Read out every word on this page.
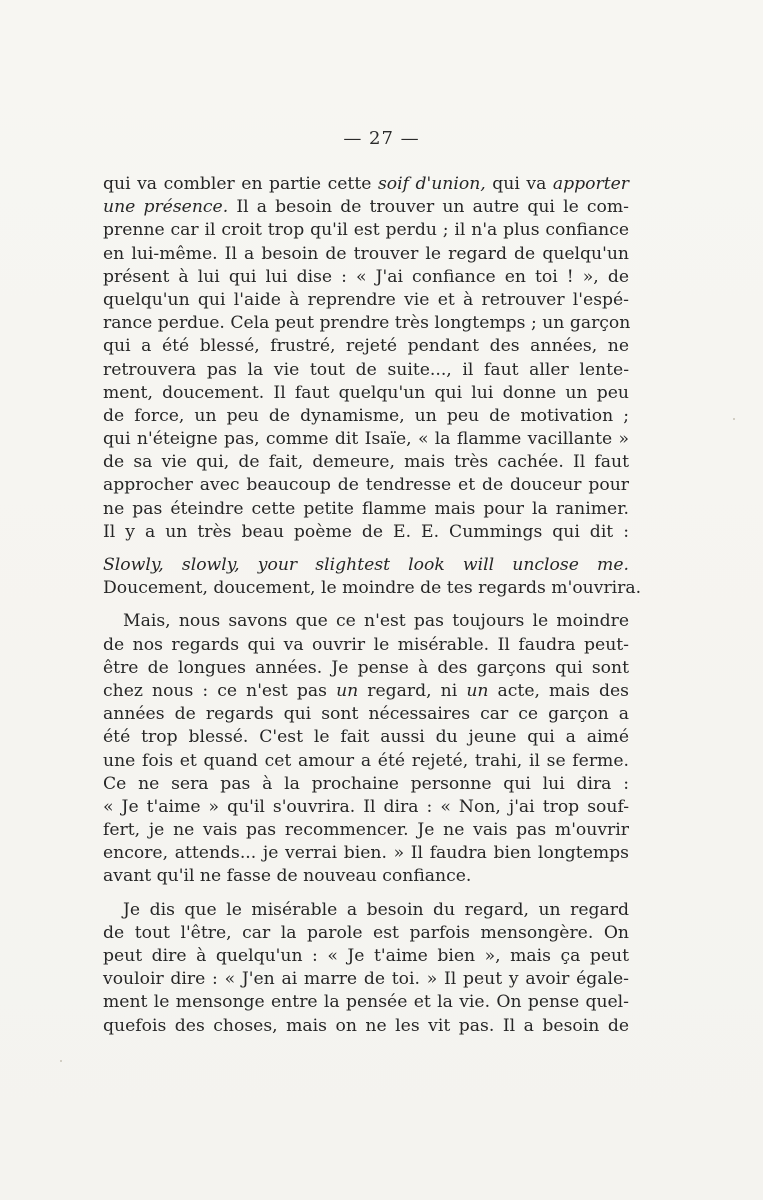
— 27 —
qui va combler en partie cette soif d'union, qui va apporter
une présence. Il a besoin de trouver un autre qui le com-
prenne car il croit trop qu'il est perdu ; il n'a plus confiance
en lui-même. Il a besoin de trouver le regard de quelqu'un
présent à lui qui lui dise : « J'ai confiance en toi ! », de
quelqu'un qui l'aide à reprendre vie et à retrouver l'espé-
rance perdue. Cela peut prendre très longtemps ; un garçon
qui a été blessé, frustré, rejeté pendant des années, ne
retrouvera pas la vie tout de suite..., il faut aller lente-
ment, doucement. Il faut quelqu'un qui lui donne un peu
de force, un peu de dynamisme, un peu de motivation ;
qui n'éteigne pas, comme dit Isaïe, « la flamme vacillante »
de sa vie qui, de fait, demeure, mais très cachée. Il faut
approcher avec beaucoup de tendresse et de douceur pour
ne pas éteindre cette petite flamme mais pour la ranimer.
Il y a un très beau poème de E. E. Cummings qui dit :
Slowly, slowly, your slightest look will unclose me.
Doucement, doucement, le moindre de tes regards m'ouvrira.
Mais, nous savons que ce n'est pas toujours le moindre
de nos regards qui va ouvrir le misérable. Il faudra peut-
être de longues années. Je pense à des garçons qui sont
chez nous : ce n'est pas un regard, ni un acte, mais des
années de regards qui sont nécessaires car ce garçon a
été trop blessé. C'est le fait aussi du jeune qui a aimé
une fois et quand cet amour a été rejeté, trahi, il se ferme.
Ce ne sera pas à la prochaine personne qui lui dira :
« Je t'aime » qu'il s'ouvrira. Il dira : « Non, j'ai trop souf-
fert, je ne vais pas recommencer. Je ne vais pas m'ouvrir
encore, attends... je verrai bien. » Il faudra bien longtemps
avant qu'il ne fasse de nouveau confiance.
Je dis que le misérable a besoin du regard, un regard
de tout l'être, car la parole est parfois mensongère. On
peut dire à quelqu'un : « Je t'aime bien », mais ça peut
vouloir dire : « J'en ai marre de toi. » Il peut y avoir égale-
ment le mensonge entre la pensée et la vie. On pense quel-
quefois des choses, mais on ne les vit pas. Il a besoin de
